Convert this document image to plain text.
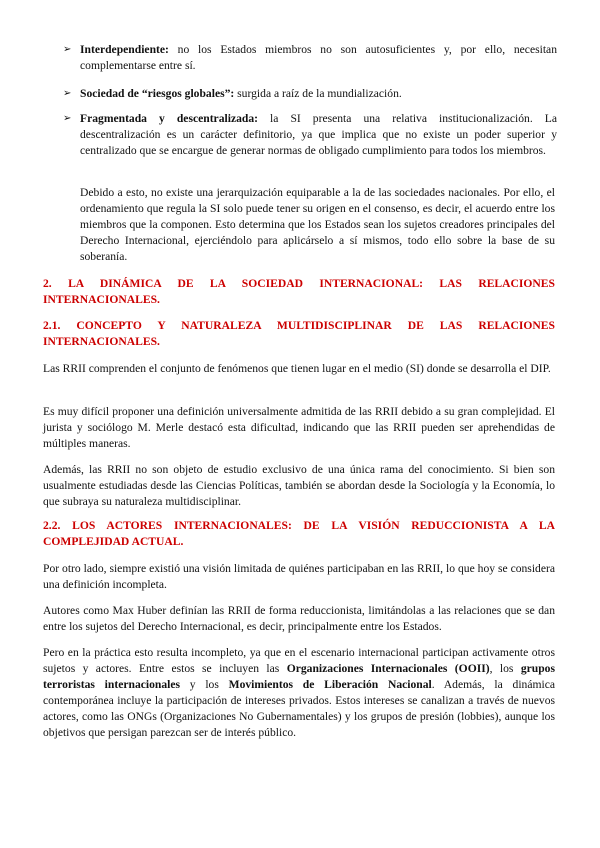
➢ Interdependiente: no los Estados miembros no son autosuficientes y, por ello, necesitan complementarse entre sí.
➢ Sociedad de “riesgos globales”: surgida a raíz de la mundialización.
➢ Fragmentada y descentralizada: la SI presenta una relativa institucionalización. La descentralización es un carácter definitorio, ya que implica que no existe un poder superior y centralizado que se encargue de generar normas de obligado cumplimiento para todos los miembros.
Debido a esto, no existe una jerarquización equiparable a la de las sociedades nacionales. Por ello, el ordenamiento que regula la SI solo puede tener su origen en el consenso, es decir, el acuerdo entre los miembros que la componen. Esto determina que los Estados sean los sujetos creadores principales del Derecho Internacional, ejerciéndolo para aplicárselo a sí mismos, todo ello sobre la base de su soberanía.
2. LA DINÁMICA DE LA SOCIEDAD INTERNACIONAL: LAS RELACIONES INTERNACIONALES.
2.1. CONCEPTO Y NATURALEZA MULTIDISCIPLINAR DE LAS RELACIONES INTERNACIONALES.
Las RRII comprenden el conjunto de fenómenos que tienen lugar en el medio (SI) donde se desarrolla el DIP.
Es muy difícil proponer una definición universalmente admitida de las RRII debido a su gran complejidad. El jurista y sociólogo M. Merle destacó esta dificultad, indicando que las RRII pueden ser aprehendidas de múltiples maneras.
Además, las RRII no son objeto de estudio exclusivo de una única rama del conocimiento. Si bien son usualmente estudiadas desde las Ciencias Políticas, también se abordan desde la Sociología y la Economía, lo que subraya su naturaleza multidisciplinar.
2.2. LOS ACTORES INTERNACIONALES: DE LA VISIÓN REDUCCIONISTA A LA COMPLEJIDAD ACTUAL.
Por otro lado, siempre existió una visión limitada de quiénes participaban en las RRII, lo que hoy se considera una definición incompleta.
Autores como Max Huber definían las RRII de forma reduccionista, limitándolas a las relaciones que se dan entre los sujetos del Derecho Internacional, es decir, principalmente entre los Estados.
Pero en la práctica esto resulta incompleto, ya que en el escenario internacional participan activamente otros sujetos y actores. Entre estos se incluyen las Organizaciones Internacionales (OOII), los grupos terroristas internacionales y los Movimientos de Liberación Nacional. Además, la dinámica contemporánea incluye la participación de intereses privados. Estos intereses se canalizan a través de nuevos actores, como las ONGs (Organizaciones No Gubernamentales) y los grupos de presión (lobbies), aunque los objetivos que persigan parezcan ser de interés público.
